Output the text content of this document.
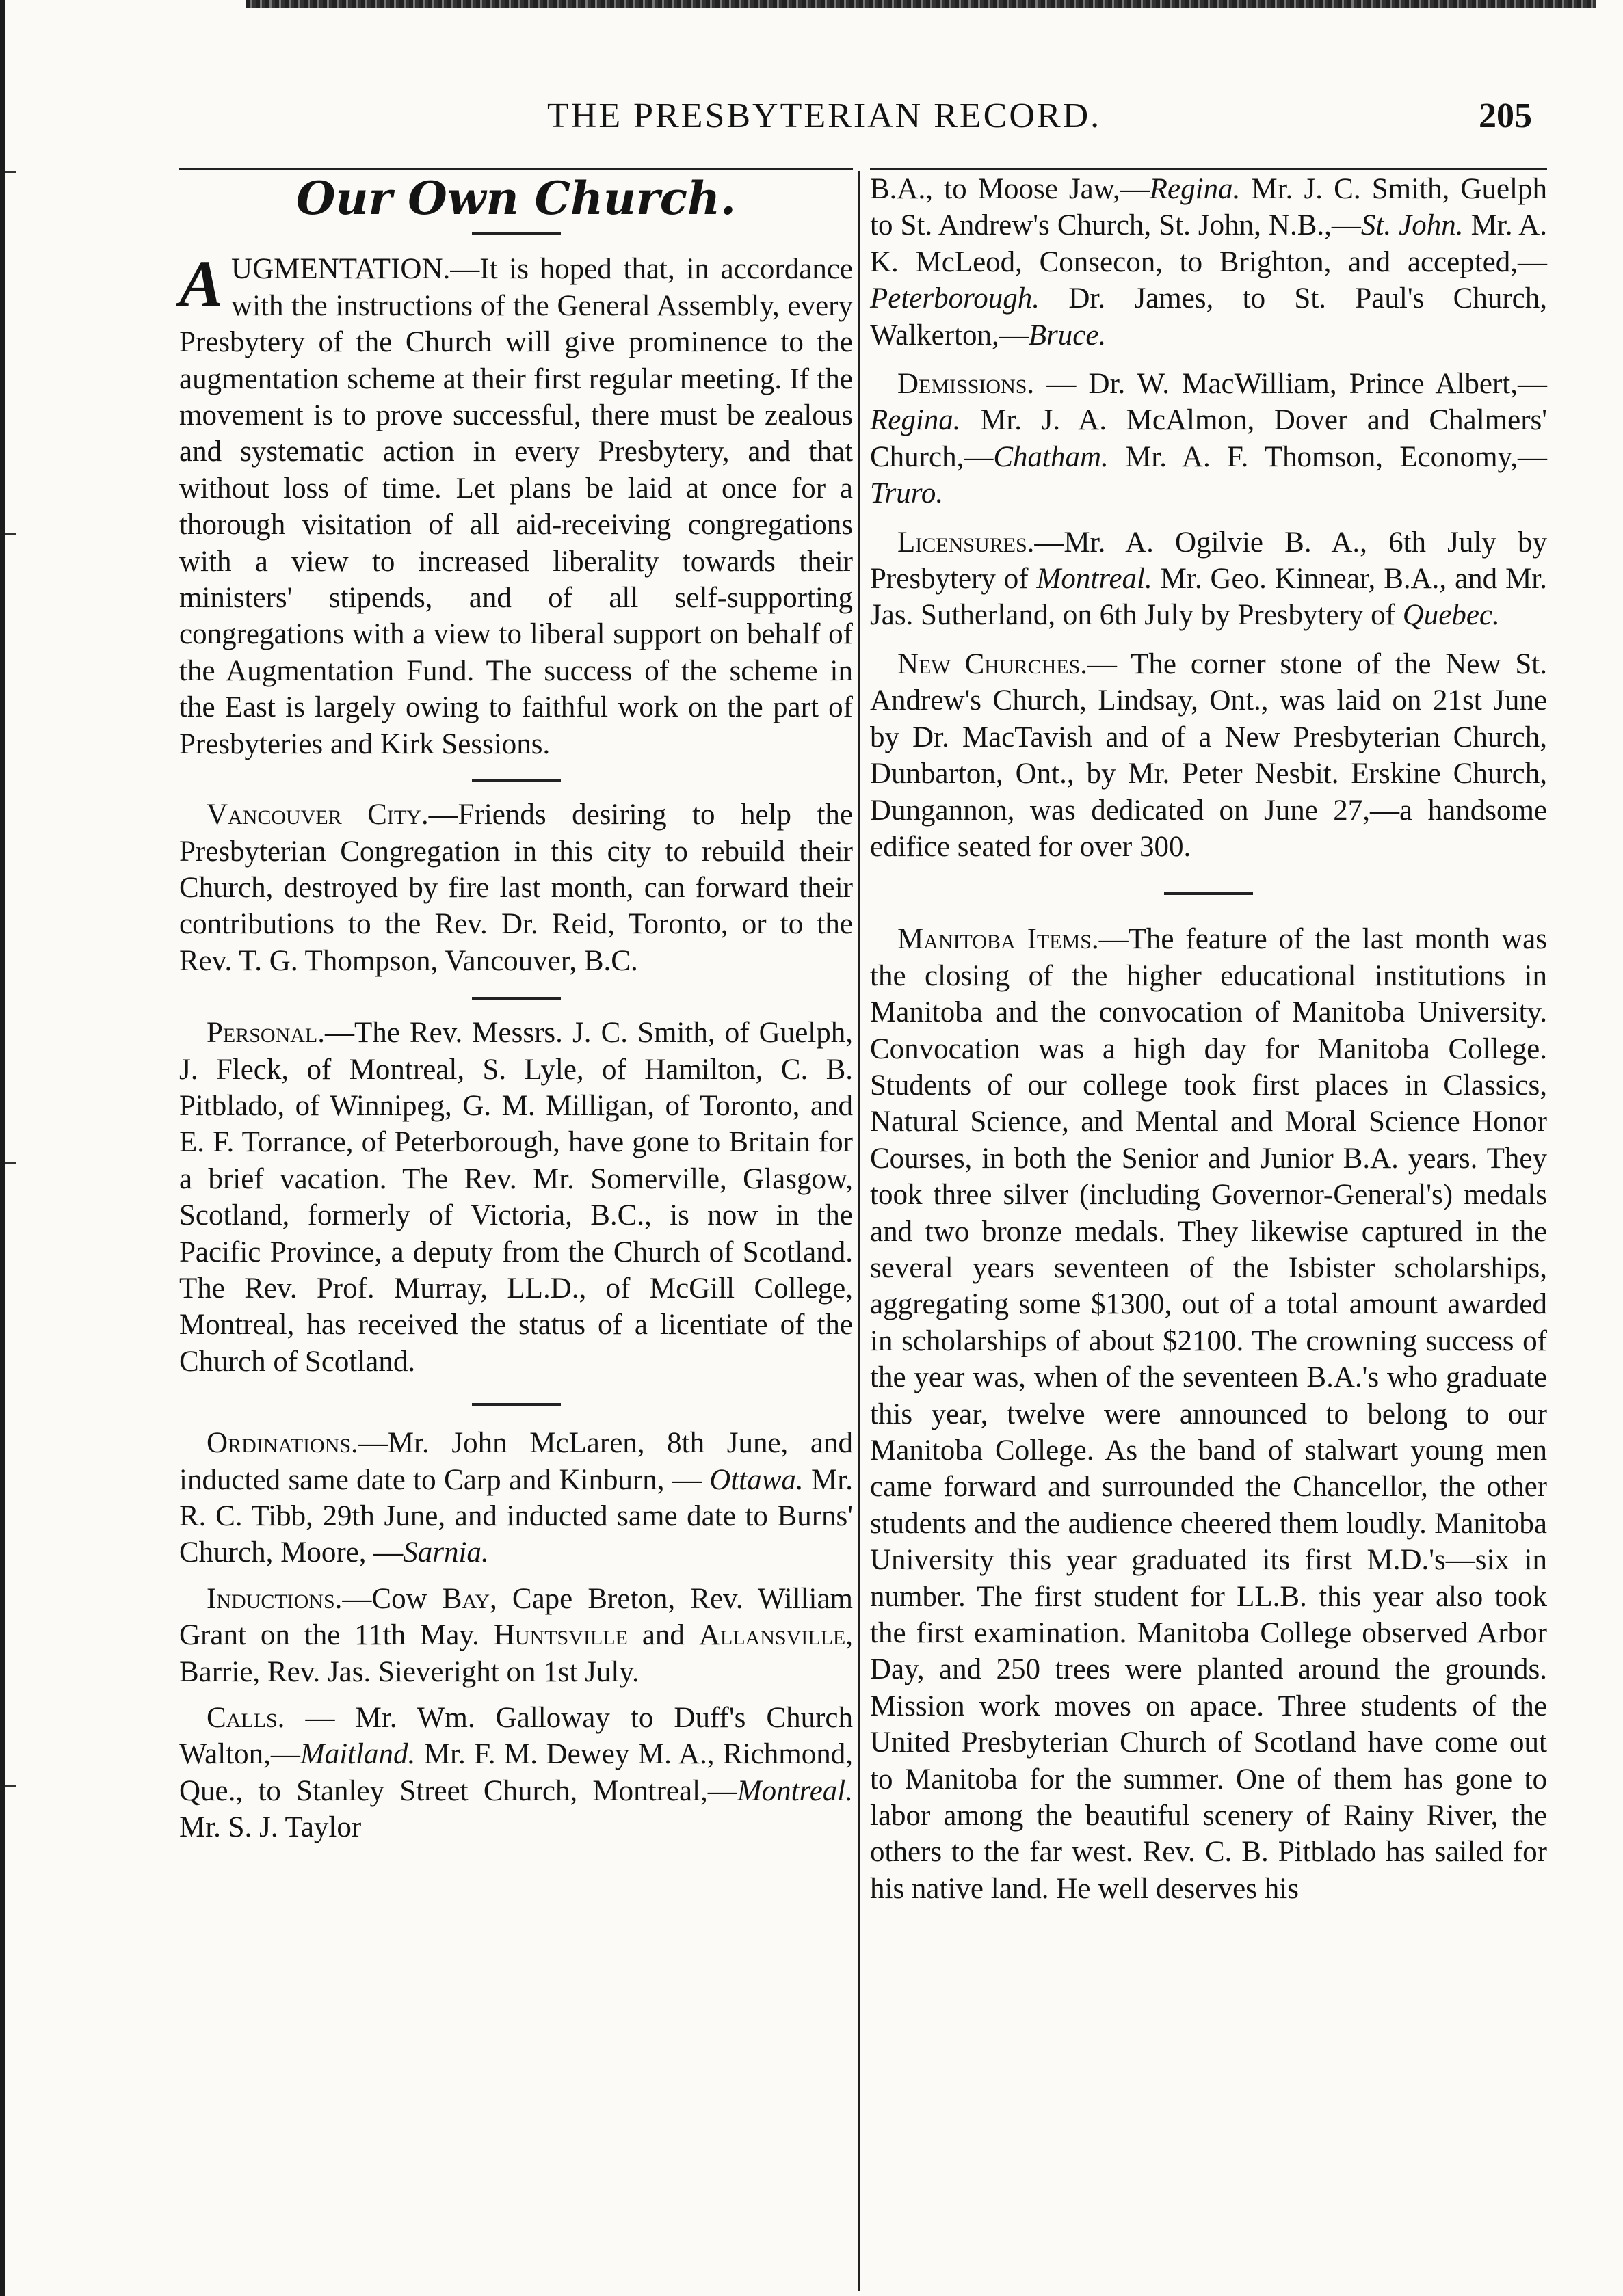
THE PRESBYTERIAN RECORD.	205
Our Own Church.

AUGMENTATION.—It is hoped that, in accordance with the instructions of the General Assembly, every Presbytery of the Church will give prominence to the augmentation scheme at their first regular meeting. If the movement is to prove successful, there must be zealous and systematic action in every Presbytery, and that without loss of time. Let plans be laid at once for a thorough visitation of all aid-receiving congregations with a view to increased liberality towards their ministers' stipends, and of all self-supporting congregations with a view to liberal support on behalf of the Augmentation Fund. The success of the scheme in the East is largely owing to faithful work on the part of Presbyteries and Kirk Sessions.

Vancouver City.—Friends desiring to help the Presbyterian Congregation in this city to rebuild their Church, destroyed by fire last month, can forward their contributions to the Rev. Dr. Reid, Toronto, or to the Rev. T. G. Thompson, Vancouver, B.C.

Personal.—The Rev. Messrs. J. C. Smith, of Guelph, J. Fleck, of Montreal, S. Lyle, of Hamilton, C. B. Pitblado, of Winnipeg, G. M. Milligan, of Toronto, and E. F. Torrance, of Peterborough, have gone to Britain for a brief vacation. The Rev. Mr. Somerville, Glasgow, Scotland, formerly of Victoria, B.C., is now in the Pacific Province, a deputy from the Church of Scotland. The Rev. Prof. Murray, LL.D., of McGill College, Montreal, has received the status of a licentiate of the Church of Scotland.

Ordinations.—Mr. John McLaren, 8th June, and inducted same date to Carp and Kinburn, — Ottawa. Mr. R. C. Tibb, 29th June, and inducted same date to Burns' Church, Moore, —Sarnia.

Inductions.—Cow Bay, Cape Breton, Rev. William Grant on the 11th May. Huntsville and Allansville, Barrie, Rev. Jas. Sieveright on 1st July.

Calls. — Mr. Wm. Galloway to Duff's Church Walton,—Maitland. Mr. F. M. Dewey M. A., Richmond, Que., to Stanley Street Church, Montreal,—Montreal. Mr. S. J. Taylor

B.A., to Moose Jaw,—Regina. Mr. J. C. Smith, Guelph to St. Andrew's Church, St. John, N.B.,—St. John. Mr. A. K. McLeod, Consecon, to Brighton, and accepted,—Peterborough. Dr. James, to St. Paul's Church, Walkerton,—Bruce.

Demissions. — Dr. W. MacWilliam, Prince Albert,—Regina. Mr. J. A. McAlmon, Dover and Chalmers' Church,—Chatham. Mr. A. F. Thomson, Economy,—Truro.

Licensures.—Mr. A. Ogilvie B. A., 6th July by Presbytery of Montreal. Mr. Geo. Kinnear, B.A., and Mr. Jas. Sutherland, on 6th July by Presbytery of Quebec.

New Churches.— The corner stone of the New St. Andrew's Church, Lindsay, Ont., was laid on 21st June by Dr. MacTavish and of a New Presbyterian Church, Dunbarton, Ont., by Mr. Peter Nesbit. Erskine Church, Dungannon, was dedicated on June 27,—a handsome edifice seated for over 300.

Manitoba Items.—The feature of the last month was the closing of the higher educational institutions in Manitoba and the convocation of Manitoba University. Convocation was a high day for Manitoba College. Students of our college took first places in Classics, Natural Science, and Mental and Moral Science Honor Courses, in both the Senior and Junior B.A. years. They took three silver (including Governor-General's) medals and two bronze medals. They likewise captured in the several years seventeen of the Isbister scholarships, aggregating some $1300, out of a total amount awarded in scholarships of about $2100. The crowning success of the year was, when of the seventeen B.A.'s who graduate this year, twelve were announced to belong to our Manitoba College. As the band of stalwart young men came forward and surrounded the Chancellor, the other students and the audience cheered them loudly. Manitoba University this year graduated its first M.D.'s—six in number. The first student for LL.B. this year also took the first examination. Manitoba College observed Arbor Day, and 250 trees were planted around the grounds. Mission work moves on apace. Three students of the United Presbyterian Church of Scotland have come out to Manitoba for the summer. One of them has gone to labor among the beautiful scenery of Rainy River, the others to the far west. Rev. C. B. Pitblado has sailed for his native land. He well deserves his
